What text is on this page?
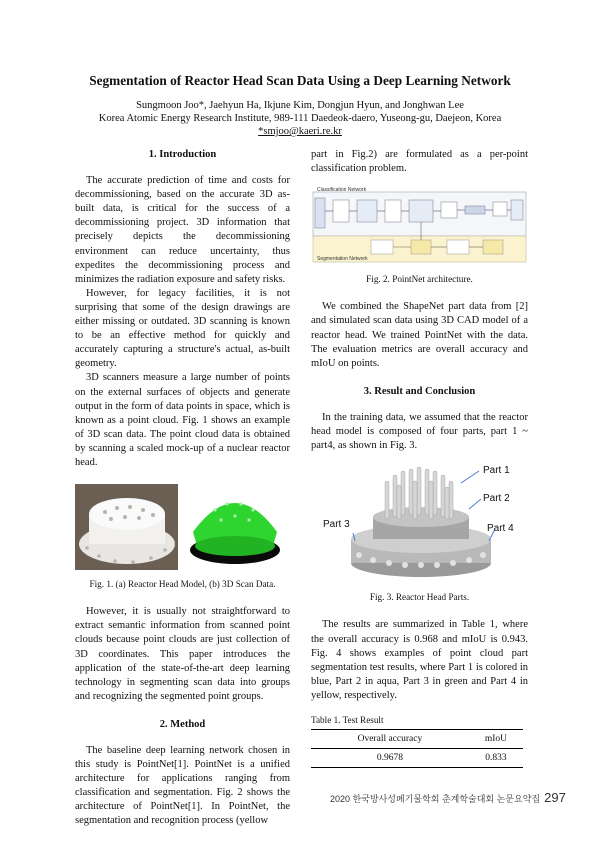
Segmentation of Reactor Head Scan Data Using a Deep Learning Network
Sungmoon Joo*, Jaehyun Ha, Ikjune Kim, Dongjun Hyun, and Jonghwan Lee
Korea Atomic Energy Research Institute, 989-111 Daedeok-daero, Yuseong-gu, Daejeon, Korea
*smjoo@kaeri.re.kr
1. Introduction

The accurate prediction of time and costs for decommissioning, based on the accurate 3D as-built data, is critical for the success of a decommissioning project. 3D information that precisely depicts the decommissioning environment can reduce uncertainty, thus expedites the decommissioning process and minimizes the radiation exposure and safety risks.

However, for legacy facilities, it is not surprising that some of the design drawings are either missing or outdated. 3D scanning is known to be an effective method for quickly and accurately capturing a structure's actual, as-built geometry.

3D scanners measure a large number of points on the external surfaces of objects and generate output in the form of data points in space, which is known as a point cloud. Fig. 1 shows an example of 3D scan data. The point cloud data is obtained by scanning a scaled mock-up of a nuclear reactor head.

Fig. 1. (a) Reactor Head Model, (b) 3D Scan Data.

However, it is usually not straightforward to extract semantic information from scanned point clouds because point clouds are just collection of 3D coordinates. This paper introduces the application of the state-of-the-art deep learning technology in segmenting scan data into groups and recognizing the segmented point groups.

2. Method

The baseline deep learning network chosen in this study is PointNet[1]. PointNet is a unified architecture for applications ranging from classification and segmentation. Fig. 2 shows the architecture of PointNet[1]. In PointNet, the segmentation and recognition process (yellow

part in Fig.2) are formulated as a per-point classification problem.
Classification Network
Segmentation Network
Fig. 2. PointNet architecture.

We combined the ShapeNet part data from [2] and simulated scan data using 3D CAD model of a reactor head. We trained PointNet with the data. The evaluation metrics are overall accuracy and mIoU on points.

3. Result and Conclusion

In the training data, we assumed that the reactor head model is composed of four parts, part 1 ~ part4, as shown in Fig. 3.

Part 1
Part 2
Part 3	Part 4
Fig. 3. Reactor Head Parts.

The results are summarized in Table 1, where the overall accuracy is 0.968 and mIoU is 0.943. Fig. 4 shows examples of point cloud part segmentation test results, where Part 1 is colored in blue, Part 2 in aqua, Part 3 in green and Part 4 in yellow, respectively.

Table 1. Test Result
Overall accuracy	mIoU
0.9678	0.833
2020 한국방사성폐기물학회 춘계학술대회 논문요약집 297
